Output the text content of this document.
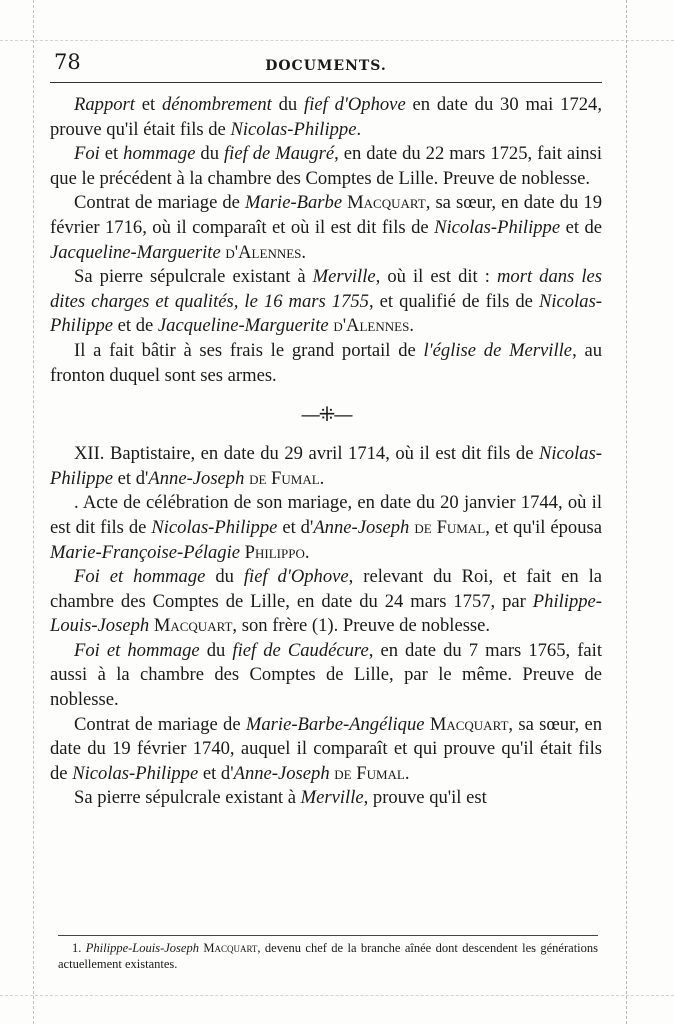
78	DOCUMENTS.

Rapport et dénombrement du fief d'Ophove en date du 30 mai 1724, prouve qu'il était fils de Nicolas-Philippe.

Foi et hommage du fief de Maugré, en date du 22 mars 1725, fait ainsi que le précédent à la chambre des Comptes de Lille. Preuve de noblesse.

Contrat de mariage de Marie-Barbe Macquart, sa sœur, en date du 19 février 1716, où il comparaît et où il est dit fils de Nicolas-Philippe et de Jacqueline-Marguerite d'Alennes.

Sa pierre sépulcrale existant à Merville, où il est dit : mort dans les dites charges et qualités, le 16 mars 1755, et qualifié de fils de Nicolas-Philippe et de Jacqueline-Marguerite d'Alennes.

Il a fait bâtir à ses frais le grand portail de l'église de Merville, au fronton duquel sont ses armes.

—⁜—

XII. Baptistaire, en date du 29 avril 1714, où il est dit fils de Nicolas-Philippe et d'Anne-Joseph de Fumal.

. Acte de célébration de son mariage, en date du 20 janvier 1744, où il est dit fils de Nicolas-Philippe et d'Anne-Joseph de Fumal, et qu'il épousa Marie-Françoise-Pélagie Philippo.

Foi et hommage du fief d'Ophove, relevant du Roi, et fait en la chambre des Comptes de Lille, en date du 24 mars 1757, par Philippe-Louis-Joseph Macquart, son frère (1). Preuve de noblesse.

Foi et hommage du fief de Caudécure, en date du 7 mars 1765, fait aussi à la chambre des Comptes de Lille, par le même. Preuve de noblesse.

Contrat de mariage de Marie-Barbe-Angélique Macquart, sa sœur, en date du 19 février 1740, auquel il comparaît et qui prouve qu'il était fils de Nicolas-Philippe et d'Anne-Joseph de Fumal.

Sa pierre sépulcrale existant à Merville, prouve qu'il est

1. Philippe-Louis-Joseph Macquart, devenu chef de la branche aînée dont descendent les générations actuellement existantes.
